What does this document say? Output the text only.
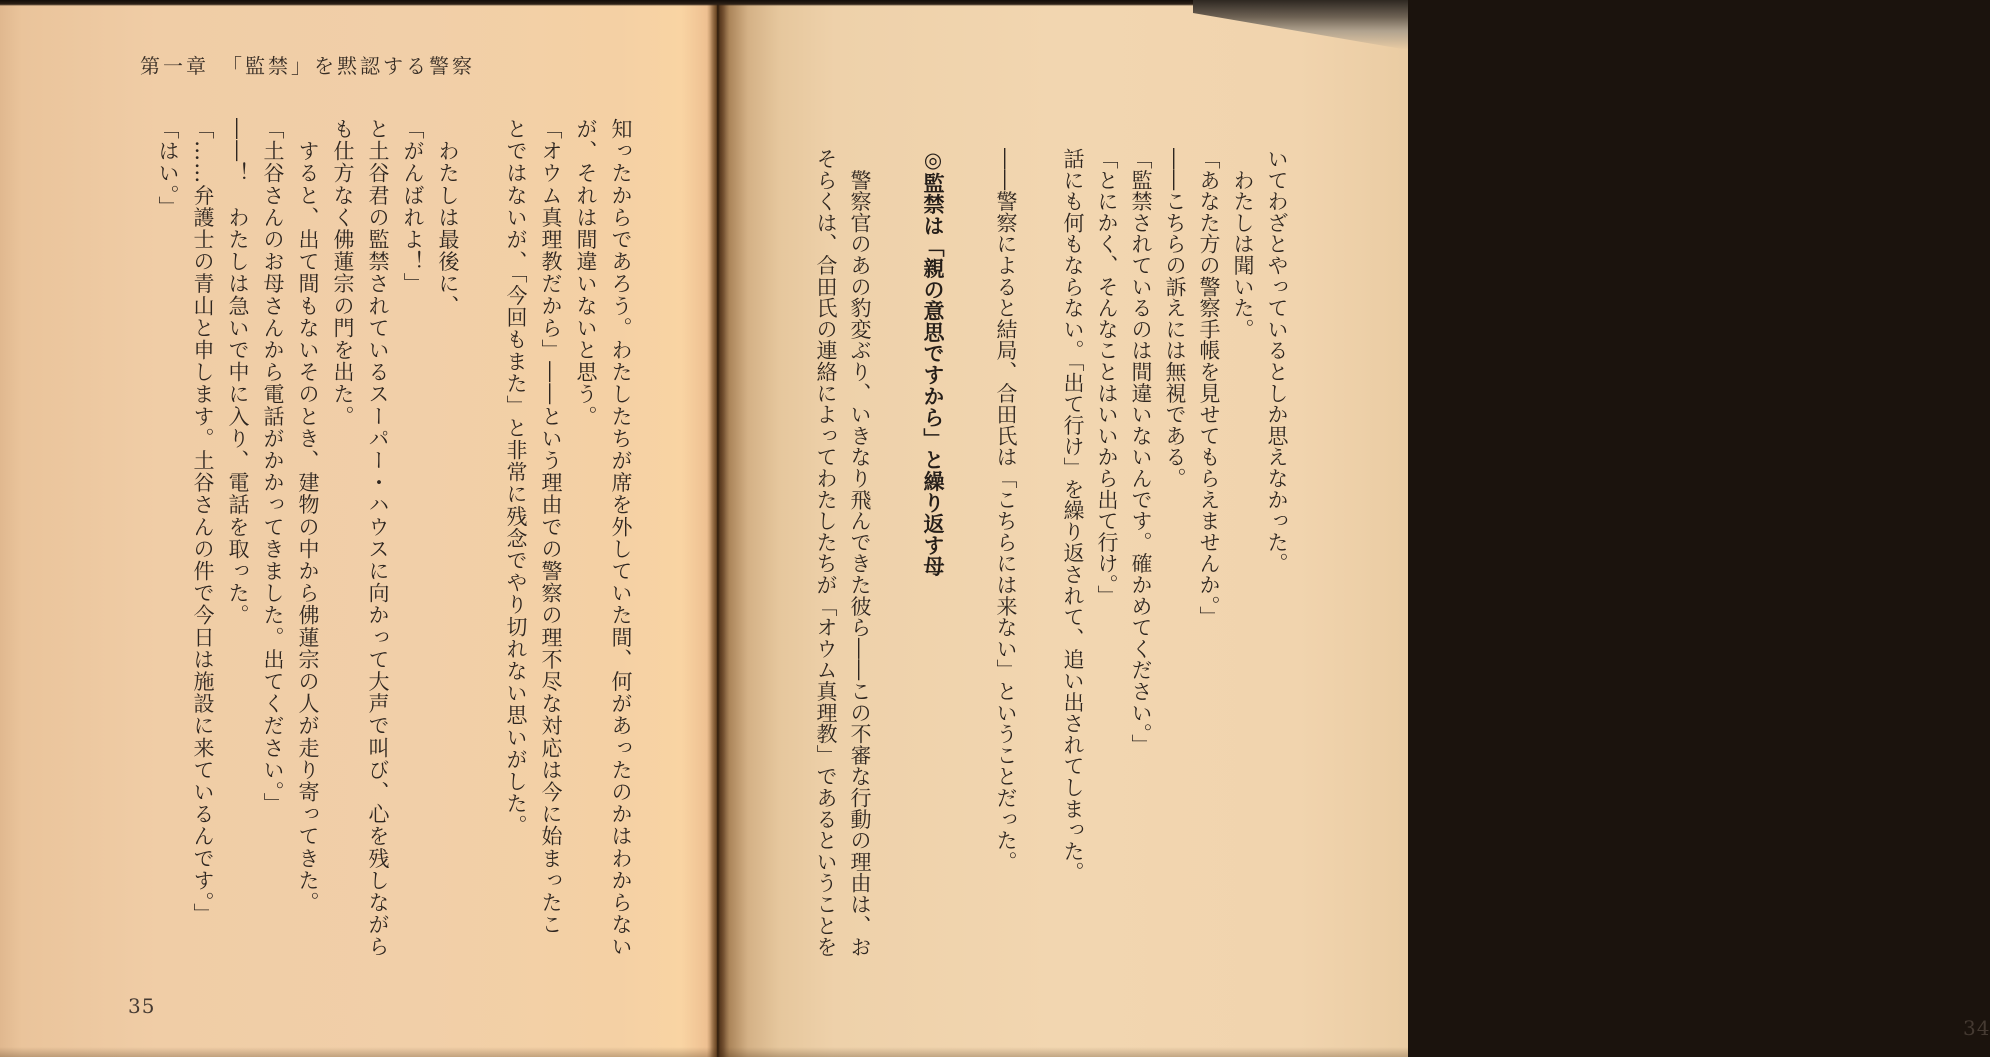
第一章　「監禁」を黙認する警察
知ったからであろう。わたしたちが席を外していた間、何があったのかはわからない
が、それは間違いないと思う。
「オウム真理教だから」――という理由での警察の理不尽な対応は今に始まったこ
とではないが、「今回もまた」と非常に残念でやり切れない思いがした。

　わたしは最後に、
「がんばれよ！」
と土谷君の監禁されているスーパー・ハウスに向かって大声で叫び、心を残しながら
も仕方なく佛蓮宗の門を出た。
　すると、出て間もないそのとき、建物の中から佛蓮宗の人が走り寄ってきた。
「土谷さんのお母さんから電話がかかってきました。出てください。」
――！　わたしは急いで中に入り、電話を取った。
「……弁護士の青山と申します。土谷さんの件で今日は施設に来ているんです。」
「はい。」
35
いてわざとやっているとしか思えなかった。
　わたしは聞いた。
「あなた方の警察手帳を見せてもらえませんか。」
――こちらの訴えには無視である。
「監禁されているのは間違いないんです。確かめてください。」
「とにかく、そんなことはいいから出て行け。」
話にも何もならない。「出て行け」を繰り返されて、追い出されてしまった。

――警察によると結局、合田氏は「こちらには来ない」ということだった。

◎監禁は「親の意思ですから」と繰り返す母

　警察官のあの豹変ぶり、いきなり飛んできた彼ら――この不審な行動の理由は、お
そらくは、合田氏の連絡によってわたしたちが「オウム真理教」であるということを
34
